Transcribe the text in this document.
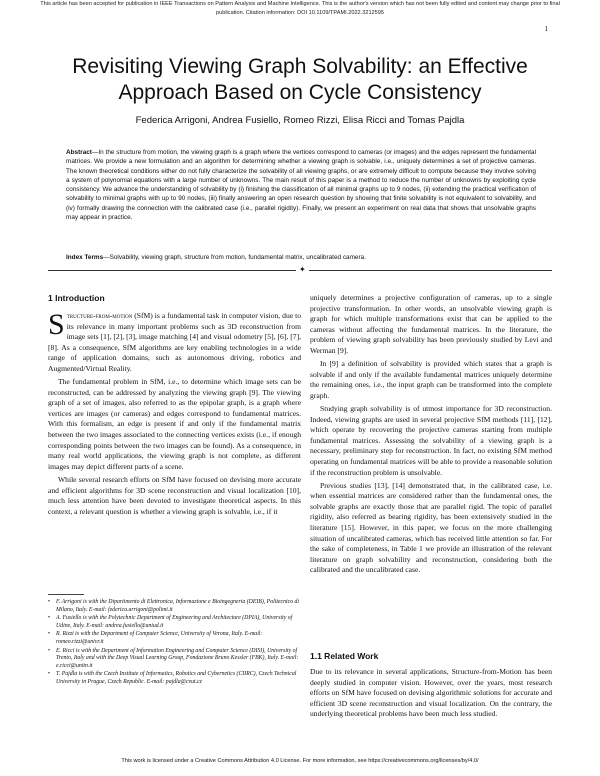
This article has been accepted for publication in IEEE Transactions on Pattern Analysis and Machine Intelligence. This is the author's version which has not been fully edited and content may change prior to final publication. Citation information: DOI 10.1109/TPAMI.2022.3212595
1
Revisiting Viewing Graph Solvability: an Effective Approach Based on Cycle Consistency
Federica Arrigoni, Andrea Fusiello, Romeo Rizzi, Elisa Ricci and Tomas Pajdla
Abstract—In the structure from motion, the viewing graph is a graph where the vertices correspond to cameras (or images) and the edges represent the fundamental matrices. We provide a new formulation and an algorithm for determining whether a viewing graph is solvable, i.e., uniquely determines a set of projective cameras. The known theoretical conditions either do not fully characterize the solvability of all viewing graphs, or are extremely difficult to compute because they involve solving a system of polynomial equations with a large number of unknowns. The main result of this paper is a method to reduce the number of unknowns by exploiting cycle consistency. We advance the understanding of solvability by (i) finishing the classification of all minimal graphs up to 9 nodes, (ii) extending the practical verification of solvability to minimal graphs with up to 90 nodes, (iii) finally answering an open research question by showing that finite solvability is not equivalent to solvability, and (iv) formally drawing the connection with the calibrated case (i.e., parallel rigidity). Finally, we present an experiment on real data that shows that unsolvable graphs may appear in practice.
Index Terms—Solvability, viewing graph, structure from motion, fundamental matrix, uncalibrated camera.
✦
1 Introduction

Structure-from-motion (SfM) is a fundamental task in computer vision, due to its relevance in many important problems such as 3D reconstruction from image sets [1], [2], [3], image matching [4] and visual odometry [5], [6], [7], [8]. As a consequence, SfM algorithms are key enabling technologies in a wide range of application domains, such as autonomous driving, robotics and Augmented/Virtual Reality.

The fundamental problem in SfM, i.e., to determine which image sets can be reconstructed, can be addressed by analyzing the viewing graph [9]. The viewing graph of a set of images, also referred to as the epipolar graph, is a graph where vertices are images (or cameras) and edges correspond to fundamental matrices. With this formalism, an edge is present if and only if the fundamental matrix between the two images associated to the connecting vertices exists (i.e., if enough corresponding points between the two images can be found). As a consequence, in many real world applications, the viewing graph is not complete, as different images may depict different parts of a scene.

While several research efforts on SfM have focused on devising more accurate and efficient algorithms for 3D scene reconstruction and visual localization [10], much less attention have been devoted to investigate theoretical aspects. In this context, a relevant question is whether a viewing graph is solvable, i.e., if it

• F. Arrigoni is with the Dipartimento di Elettronica, Informazione e Bioingegneria (DEIB), Politecnico di Milano, Italy. E-mail: federica.arrigoni@polimi.it
• A. Fusiello is with the Polytechnic Department of Engineering and Architecture (DPIA), University of Udine, Italy. E-mail: andrea.fusiello@uniud.it
• R. Rizzi is with the Department of Computer Science, University of Verona, Italy. E-mail: romeo.rizzi@univr.it
• E. Ricci is with the Department of Information Engineering and Computer Science (DISI), University of Trento, Italy and with the Deep Visual Learning Group, Fondazione Bruno Kessler (FBK), Italy. E-mail: e.ricci@unitn.it
• T. Pajdla is with the Czech Institute of Informatics, Robotics and Cybernetics (CIIRC), Czech Technical University in Prague, Czech Republic. E-mail: pajdla@cvut.cz

uniquely determines a projective configuration of cameras, up to a single projective transformation. In other words, an unsolvable viewing graph is graph for which multiple transformations exist that can be applied to the cameras without affecting the fundamental matrices. In the literature, the problem of viewing graph solvability has been previously studied by Levi and Werman [9].

In [9] a definition of solvability is provided which states that a graph is solvable if and only if the available fundamental matrices uniquely determine the remaining ones, i.e., the input graph can be transformed into the complete graph.

Studying graph solvability is of utmost importance for 3D reconstruction. Indeed, viewing graphs are used in several projective SfM methods [11], [12], which operate by recovering the projective cameras starting from multiple fundamental matrices. Assessing the solvability of a viewing graph is a necessary, preliminary step for reconstruction. In fact, no existing SfM method operating on fundamental matrices will be able to provide a reasonable solution if the reconstruction problem is unsolvable.

Previous studies [13], [14] demonstrated that, in the calibrated case, i.e. when essential matrices are considered rather than the fundamental ones, the solvable graphs are exactly those that are parallel rigid. The topic of parallel rigidity, also referred as bearing rigidity, has been extensively studied in the literature [15]. However, in this paper, we focus on the more challenging situation of uncalibrated cameras, which has received little attention so far. For the sake of completeness, in Table 1 we provide an illustration of the relevant literature on graph solvability and reconstruction, considering both the calibrated and the uncalibrated case.

1.1 Related Work

Due to its relevance in several applications, Structure-from-Motion has been deeply studied in computer vision. However, over the years, most research efforts on SfM have focused on devising algorithmic solutions for accurate and efficient 3D scene reconstruction and visual localization. On the contrary, the underlying theoretical problems have been much less studied.

This work is licensed under a Creative Commons Attribution 4.0 License. For more information, see https://creativecommons.org/licenses/by/4.0/
